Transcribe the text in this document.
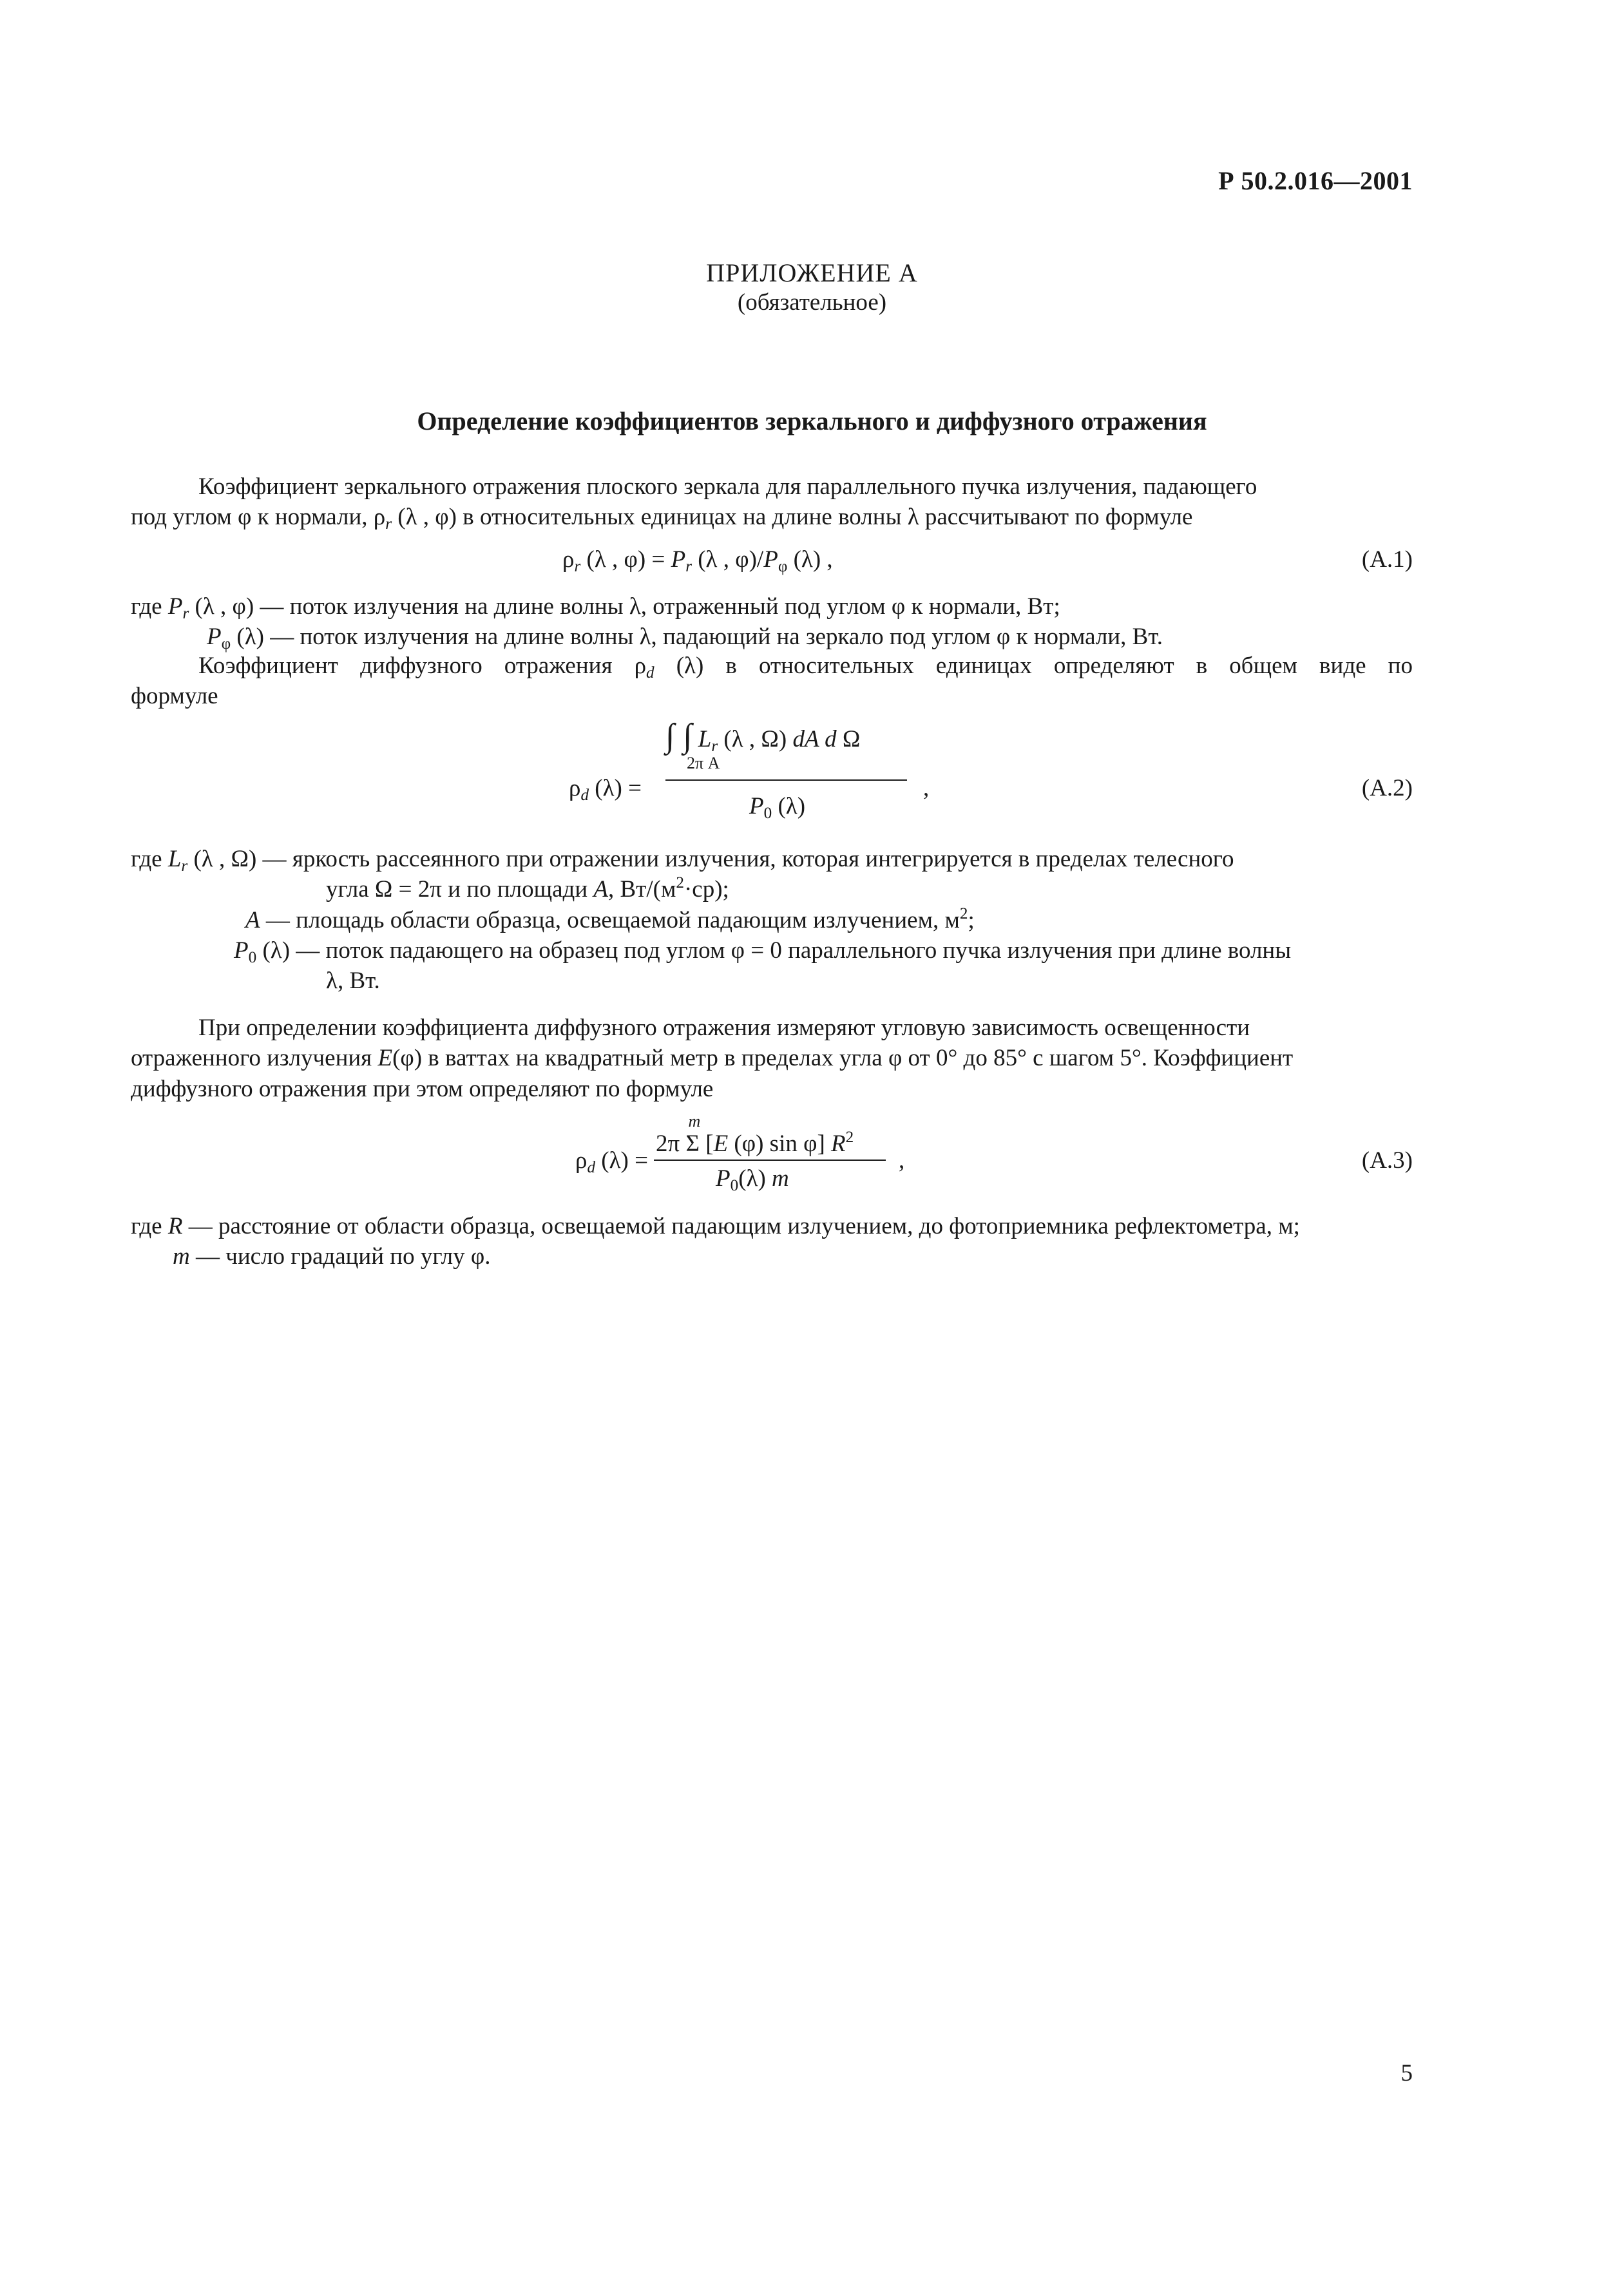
Р 50.2.016—2001
ПРИЛОЖЕНИЕ А
(обязательное)
Определение коэффициентов зеркального и диффузного отражения
Коэффициент зеркального отражения плоского зеркала для параллельного пучка излучения, падающего
под углом φ к нормали, $\rho_r$ (λ , φ) в относительных единицах на длине волны λ рассчитывают по формуле
$\rho_r$ (λ , $\varphi) = P_r$ (λ , $\varphi)/P_\varphi$ (λ) ,	(А.1)
где $P_r$ (λ , φ) — поток излучения на длине волны λ, отраженный под углом φ к нормали, Вт;
$P_\varphi$ (λ) — поток излучения на длине волны λ, падающий на зеркало под углом φ к нормали, Вт.
Коэффициент диффузного отражения $\rho_d$ (λ) в относительных единицах определяют в общем виде по
формуле
∫ ∫ $L_r$ (λ , Ω) dA d Ω
2π A
$\rho_d$ (λ) =
$P_0$ (λ)
,	(А.2)
где $L_r$ (λ , Ω) — яркость рассеянного при отражении излучения, которая интегрируется в пределах телесного
угла Ω = 2π и по площади A, $Вт/(м^2\cdot ср)$;
A — площадь области образца, освещаемой падающим излучением, $м^2$;
$P_0$ (λ) — поток падающего на образец под углом φ = 0 параллельного пучка излучения при длине волны
λ, Вт.
При определении коэффициента диффузного отражения измеряют угловую зависимость освещенности
отраженного излучения E(φ) в ваттах на квадратный метр в пределах угла φ от 0° до 85° с шагом 5°. Коэффициент
диффузного отражения при этом определяют по формуле
$\rho_d$ (λ) =
2π
m
Σ [E (φ) sin φ] $R^2$
$P_0(\lambda)$ m
,	(А.3)
где R — расстояние от области образца, освещаемой падающим излучением, до фотоприемника рефлектометра, м;
m — число градаций по углу φ.
5
